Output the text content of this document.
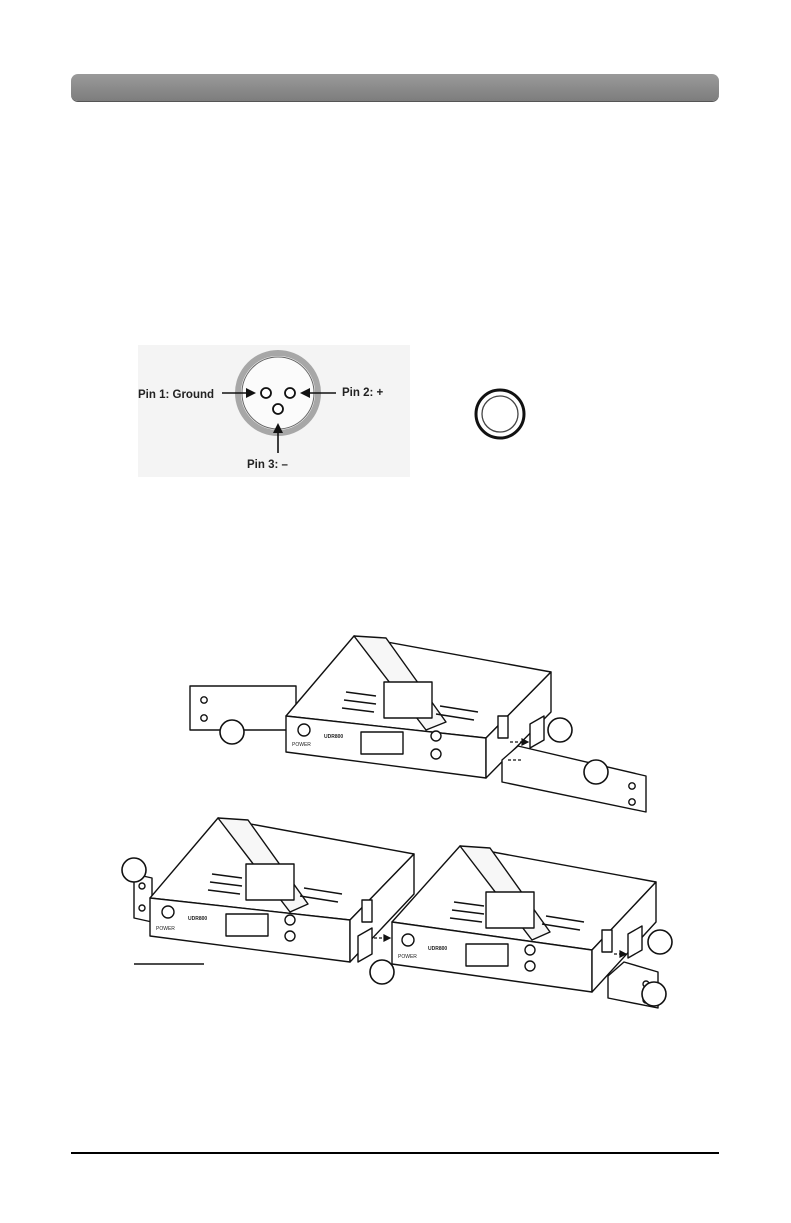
Pin 1: Ground	Pin 2: +
Pin 3: –
UDR800
POWER
UDR800
POWER
UDR800
POWER
